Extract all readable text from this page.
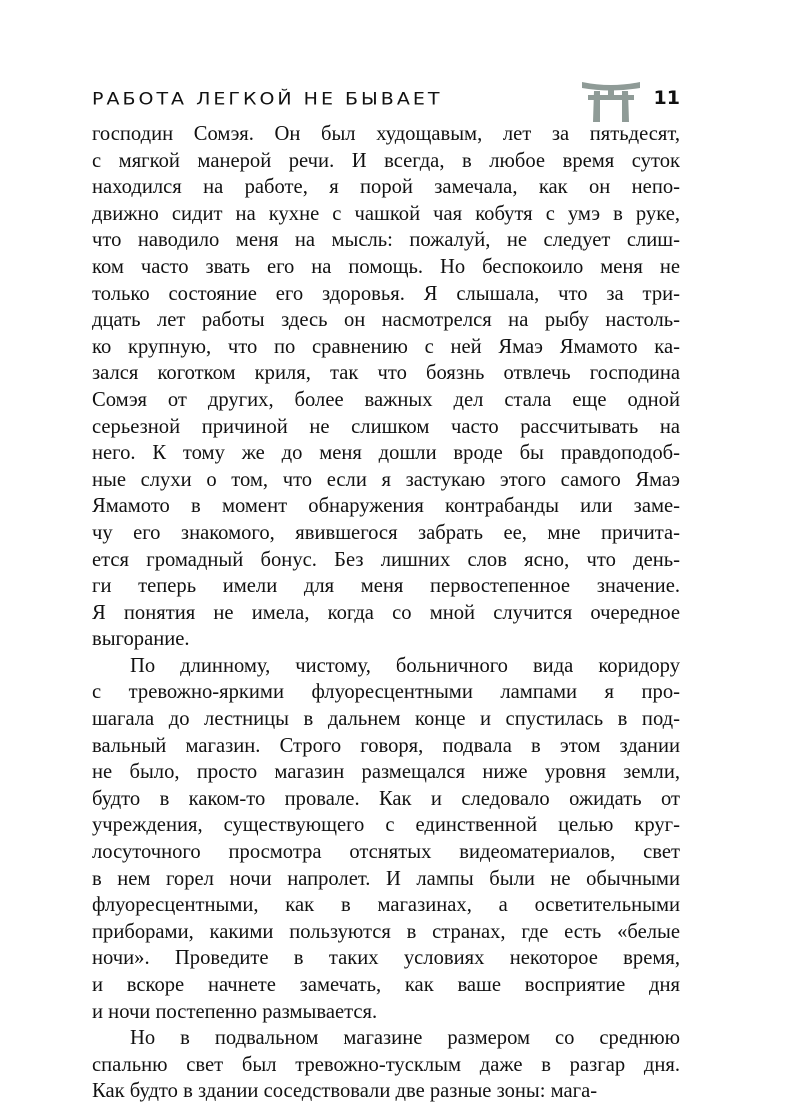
РАБОТА ЛЕГКОЙ НЕ БЫВАЕТ	11
господин Сомэя. Он был худощавым, лет за пятьдесят,
с мягкой манерой речи. И всегда, в любое время суток
находился на работе, я порой замечала, как он непо-
движно сидит на кухне с чашкой чая кобутя с умэ в руке,
что наводило меня на мысль: пожалуй, не следует слиш-
ком часто звать его на помощь. Но беспокоило меня не
только состояние его здоровья. Я слышала, что за три-
дцать лет работы здесь он насмотрелся на рыбу настоль-
ко крупную, что по сравнению с ней Ямаэ Ямамото ка-
зался коготком криля, так что боязнь отвлечь господина
Сомэя от других, более важных дел стала еще одной
серьезной причиной не слишком часто рассчитывать на
него. К тому же до меня дошли вроде бы правдоподоб-
ные слухи о том, что если я застукаю этого самого Ямаэ
Ямамото в момент обнаружения контрабанды или заме-
чу его знакомого, явившегося забрать ее, мне причита-
ется громадный бонус. Без лишних слов ясно, что день-
ги теперь имели для меня первостепенное значение.
Я понятия не имела, когда со мной случится очередное
выгорание.
По длинному, чистому, больничного вида коридору
с тревожно-яркими флуоресцентными лампами я про-
шагала до лестницы в дальнем конце и спустилась в под-
вальный магазин. Строго говоря, подвала в этом здании
не было, просто магазин размещался ниже уровня земли,
будто в каком-то провале. Как и следовало ожидать от
учреждения, существующего с единственной целью круг-
лосуточного просмотра отснятых видеоматериалов, свет
в нем горел ночи напролет. И лампы были не обычными
флуоресцентными, как в магазинах, а осветительными
приборами, какими пользуются в странах, где есть «белые
ночи». Проведите в таких условиях некоторое время,
и вскоре начнете замечать, как ваше восприятие дня
и ночи постепенно размывается.
Но в подвальном магазине размером со среднюю
спальню свет был тревожно-тусклым даже в разгар дня.
Как будто в здании соседствовали две разные зоны: мага-
